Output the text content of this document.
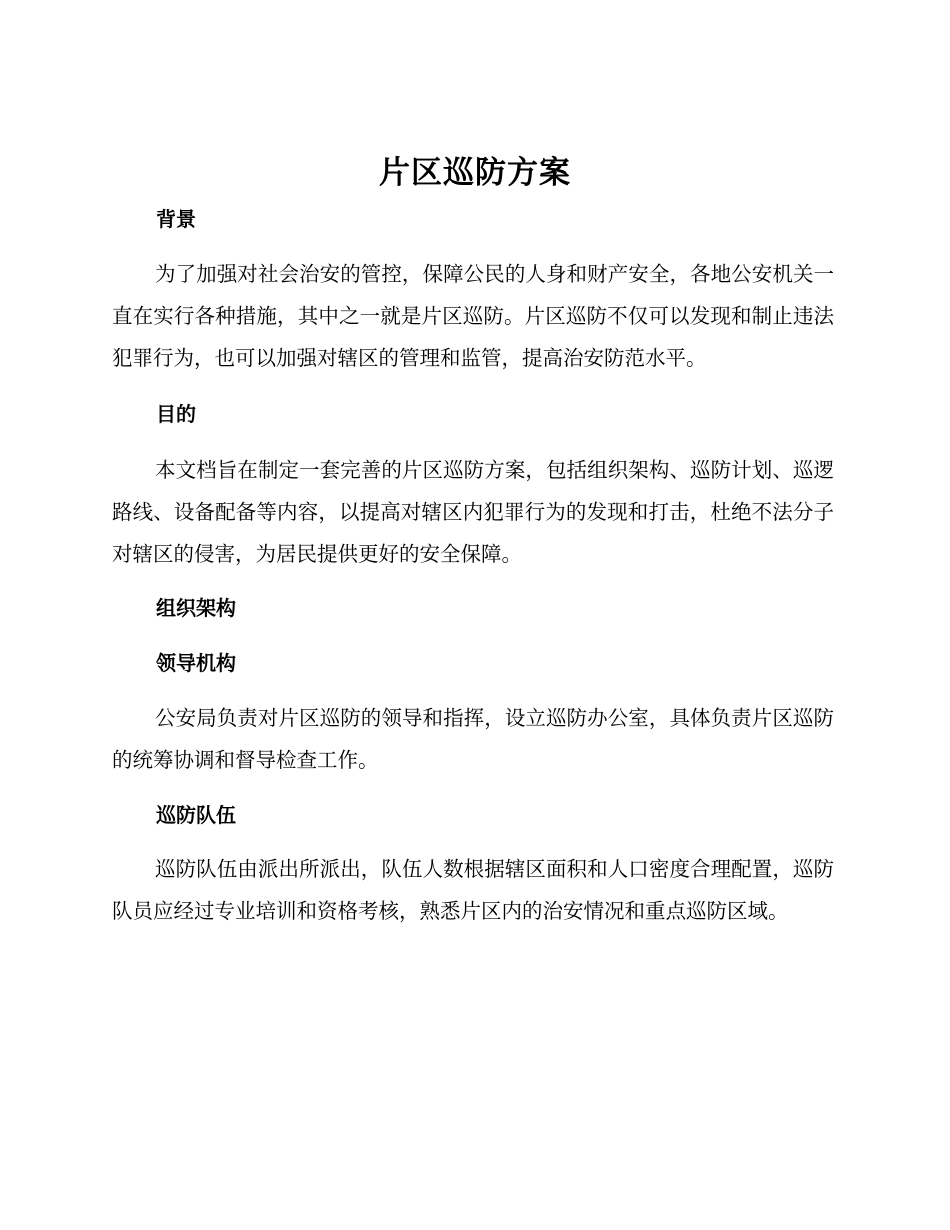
片区巡防方案
背景

为了加强对社会治安的管控，保障公民的人身和财产安全，各地公安机关一直在实行各种措施，其中之一就是片区巡防。片区巡防不仅可以发现和制止违法犯罪行为，也可以加强对辖区的管理和监管，提高治安防范水平。

目的

本文档旨在制定一套完善的片区巡防方案，包括组织架构、巡防计划、巡逻路线、设备配备等内容，以提高对辖区内犯罪行为的发现和打击，杜绝不法分子对辖区的侵害，为居民提供更好的安全保障。

组织架构
领导机构

公安局负责对片区巡防的领导和指挥，设立巡防办公室，具体负责片区巡防的统筹协调和督导检查工作。

巡防队伍

巡防队伍由派出所派出，队伍人数根据辖区面积和人口密度合理配置，巡防队员应经过专业培训和资格考核，熟悉片区内的治安情况和重点巡防区域。
